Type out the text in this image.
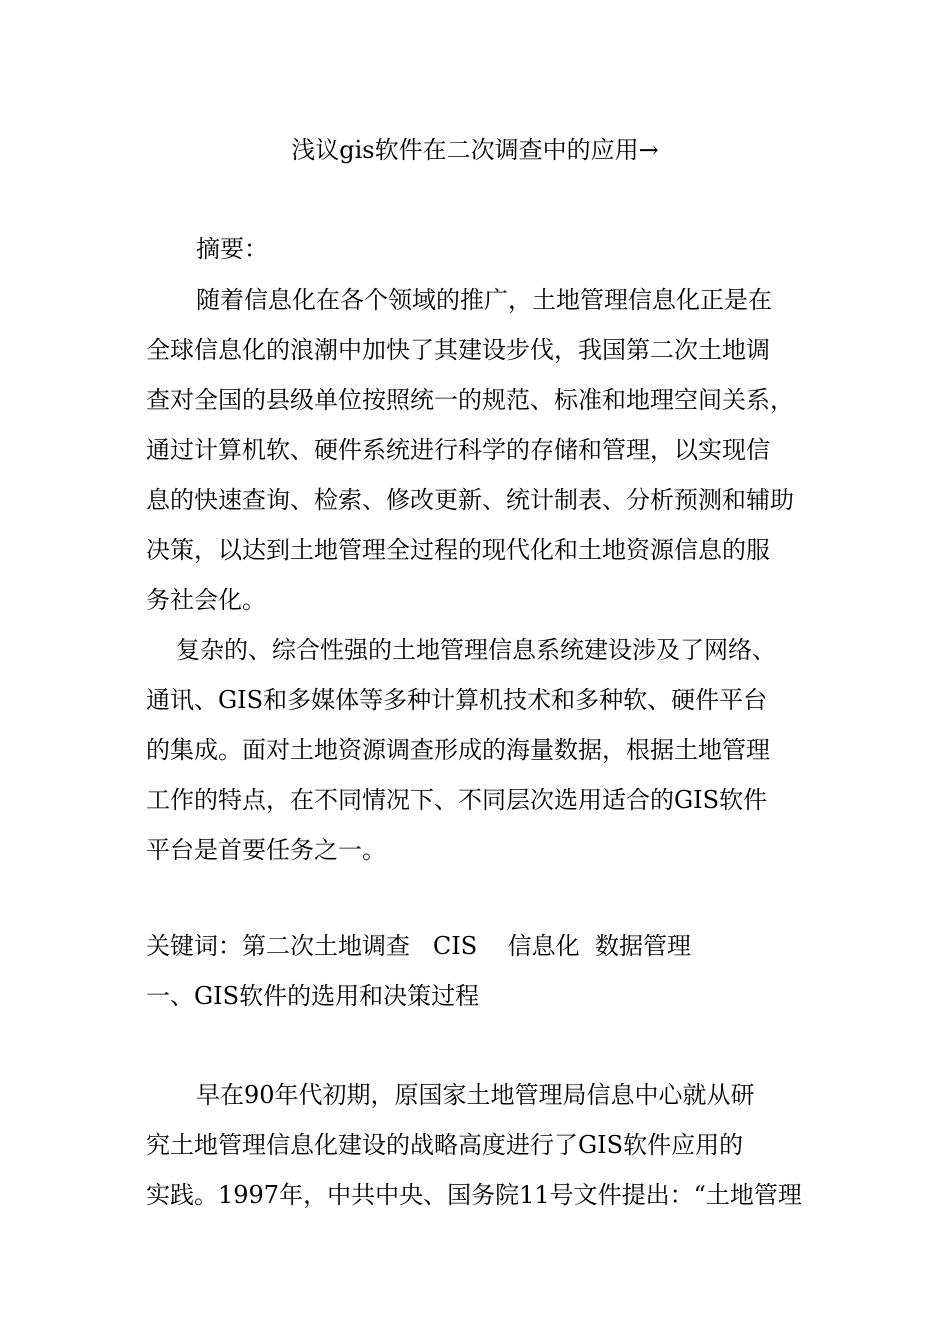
浅议gis软件在二次调查中的应用→
摘要：
随着信息化在各个领域的推广，土地管理信息化正是在
全球信息化的浪潮中加快了其建设步伐，我国第二次土地调
查对全国的县级单位按照统一的规范、标准和地理空间关系，
通过计算机软、硬件系统进行科学的存储和管理，以实现信
息的快速查询、检索、修改更新、统计制表、分析预测和辅助
决策，以达到土地管理全过程的现代化和土地资源信息的服
务社会化。
复杂的、综合性强的土地管理信息系统建设涉及了网络、
通讯、GIS和多媒体等多种计算机技术和多种软、硬件平台
的集成。面对土地资源调查形成的海量数据，根据土地管理
工作的特点，在不同情况下、不同层次选用适合的GIS软件
平台是首要任务之一。
关键词：第二次土地调查   CIS    信息化  数据管理
一、GIS软件的选用和决策过程
早在90年代初期，原国家土地管理局信息中心就从研
究土地管理信息化建设的战略高度进行了GIS软件应用的
实践。1997年，中共中央、国务院11号文件提出：“土地管理
